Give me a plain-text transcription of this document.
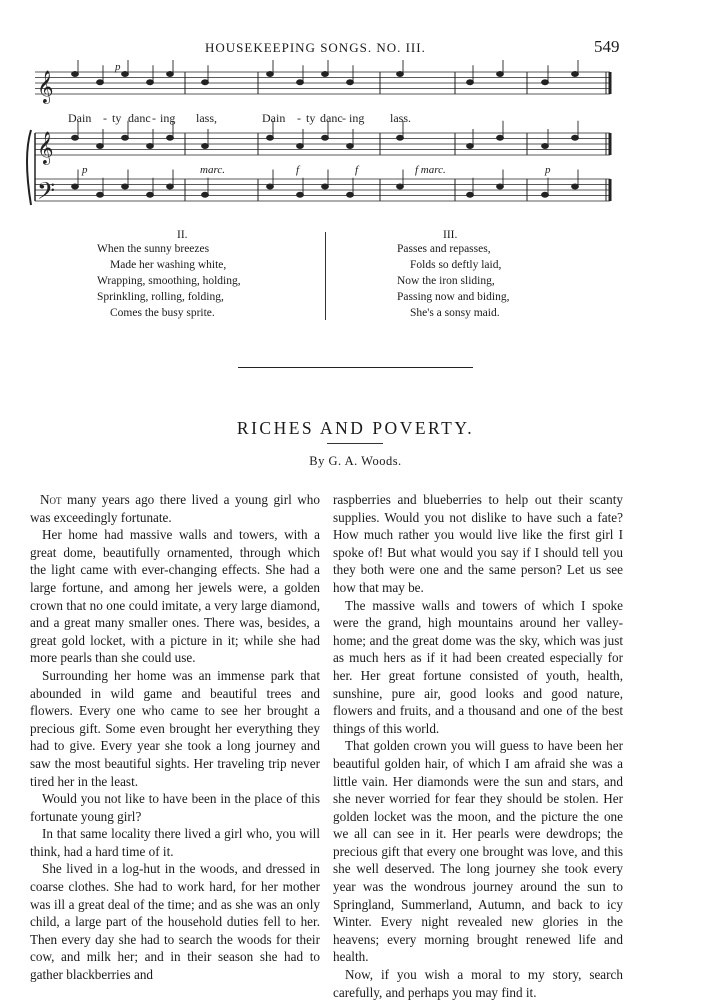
HOUSEKEEPING SONGS. NO. III.	549
𝄞
𝄞
𝄢
Dain - ty danc - ing lass,	Dain - ty danc - ing lass.
p
p	marc.	f	f	f marc.	p
II.
When the sunny breezes
Made her washing white,
Wrapping, smoothing, holding,
Sprinkling, rolling, folding,
Comes the busy sprite.
III.
Passes and repasses,
Folds so deftly laid,
Now the iron sliding,
Passing now and biding,
She's a sonsy maid.
RICHES AND POVERTY.
By G. A. Woods.

Not many years ago there lived a young girl who was exceedingly fortunate.

Her home had massive walls and towers, with a great dome, beautifully ornamented, through which the light came with ever-changing effects. She had a large fortune, and among her jewels were, a golden crown that no one could imitate, a very large diamond, and a great many smaller ones. There was, besides, a great gold locket, with a picture in it; while she had more pearls than she could use.

Surrounding her home was an immense park that abounded in wild game and beautiful trees and flowers. Every one who came to see her brought a precious gift. Some even brought her everything they had to give. Every year she took a long journey and saw the most beautiful sights. Her traveling trip never tired her in the least.

Would you not like to have been in the place of this fortunate young girl?

In that same locality there lived a girl who, you will think, had a hard time of it.

She lived in a log-hut in the woods, and dressed in coarse clothes. She had to work hard, for her mother was ill a great deal of the time; and as she was an only child, a large part of the household duties fell to her. Then every day she had to search the woods for their cow, and milk her; and in their season she had to gather blackberries and

raspberries and blueberries to help out their scanty supplies. Would you not dislike to have such a fate? How much rather you would live like the first girl I spoke of! But what would you say if I should tell you they both were one and the same person? Let us see how that may be.

The massive walls and towers of which I spoke were the grand, high mountains around her valley-home; and the great dome was the sky, which was just as much hers as if it had been created especially for her. Her great fortune consisted of youth, health, sunshine, pure air, good looks and good nature, flowers and fruits, and a thousand and one of the best things of this world.

That golden crown you will guess to have been her beautiful golden hair, of which I am afraid she was a little vain. Her diamonds were the sun and stars, and she never worried for fear they should be stolen. Her golden locket was the moon, and the picture the one we all can see in it. Her pearls were dewdrops; the precious gift that every one brought was love, and this she well deserved. The long journey she took every year was the wondrous journey around the sun to Springland, Summerland, Autumn, and back to icy Winter. Every night revealed new glories in the heavens; every morning brought renewed life and health.

Now, if you wish a moral to my story, search carefully, and perhaps you may find it.
